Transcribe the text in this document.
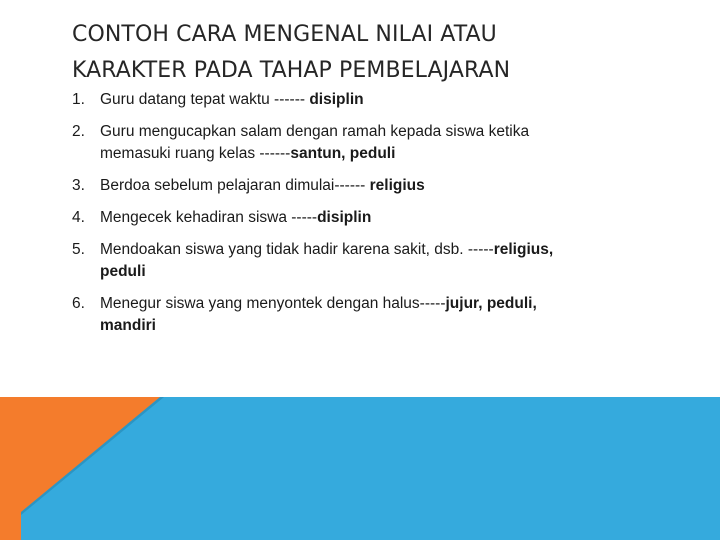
CONTOH CARA MENGENAL NILAI ATAU
KARAKTER PADA TAHAP PEMBELAJARAN
1. Guru datang tepat waktu ------ disiplin
2. Guru mengucapkan salam dengan ramah kepada siswa ketika
memasuki ruang kelas ------santun, peduli
3. Berdoa sebelum pelajaran dimulai------ religius
4. Mengecek kehadiran siswa -----disiplin
5. Mendoakan siswa yang tidak hadir karena sakit, dsb. -----religius,
peduli
6. Menegur siswa yang menyontek dengan halus-----jujur, peduli,
mandiri
